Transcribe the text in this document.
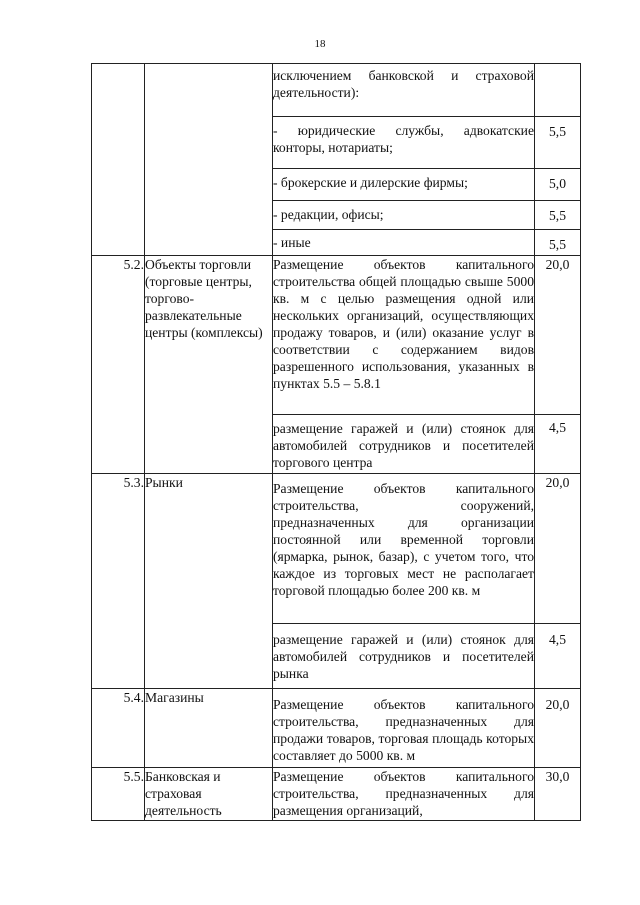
18
		исключением банковской и страховой деятельности):	
		- юридические службы, адвокатские конторы, нотариаты;	5,5
		- брокерские и дилерские фирмы;	5,0
		- редакции, офисы;	5,5
		- иные	5,5
5.2.	Объекты торговли (торговые центры, торгово-развлекательные центры (комплексы)	Размещение объектов капитального строительства общей площадью свыше 5000 кв. м с целью размещения одной или нескольких организаций, осуществляющих продажу товаров, и (или) оказание услуг в соответствии с содержанием видов разрешенного использования, указанных в пунктах 5.5 – 5.8.1	20,0
		размещение гаражей и (или) стоянок для автомобилей сотрудников и посетителей торгового центра	4,5
5.3.	Рынки	Размещение объектов капитального строительства, сооружений, предназначенных для организации постоянной или временной торговли (ярмарка, рынок, базар), с учетом того, что каждое из торговых мест не располагает торговой площадью более 200 кв. м	20,0
		размещение гаражей и (или) стоянок для автомобилей сотрудников и посетителей рынка	4,5
5.4.	Магазины	Размещение объектов капитального строительства, предназначенных для продажи товаров, торговая площадь которых составляет до 5000 кв. м	20,0
5.5.	Банковская и страховая деятельность	Размещение объектов капитального строительства, предназначенных для размещения организаций,	30,0
